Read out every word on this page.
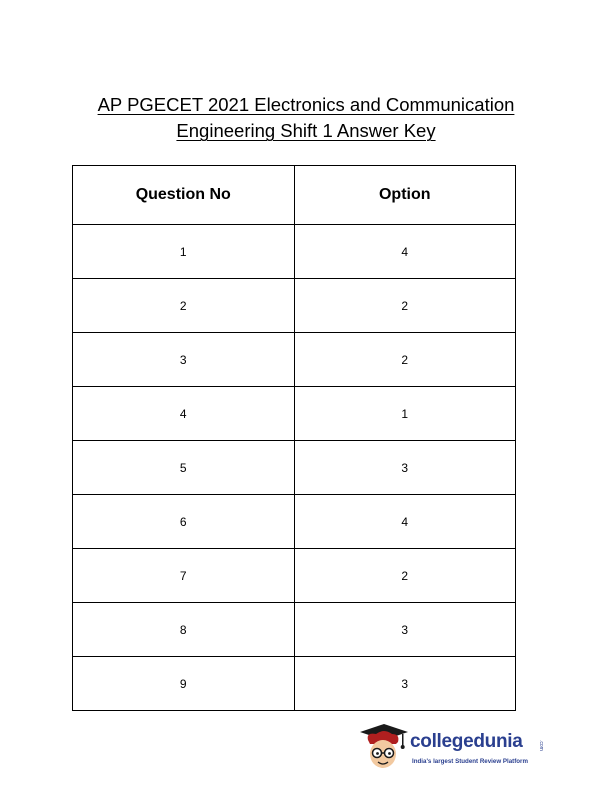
AP PGECET 2021 Electronics and Communication
Engineering Shift 1 Answer Key
Question No	Option
1	4
2	2
3	2
4	1
5	3
6	4
7	2
8	3
9	3
collegedunia	.com
India's largest Student Review Platform
